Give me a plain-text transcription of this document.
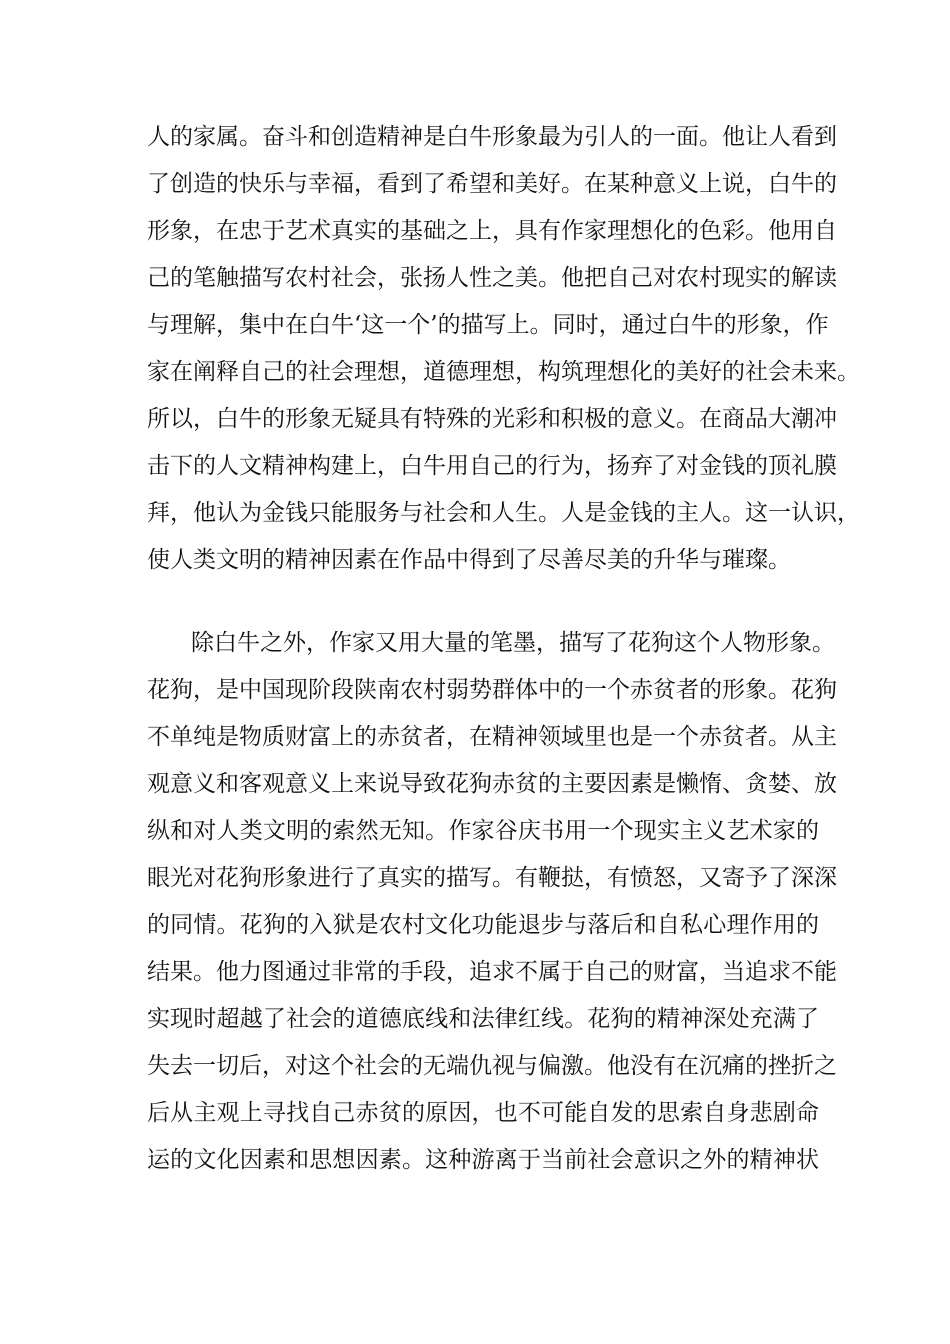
人的家属。奋斗和创造精神是白牛形象最为引人的一面。他让人看到
了创造的快乐与幸福，看到了希望和美好。在某种意义上说，白牛的
形象，在忠于艺术真实的基础之上，具有作家理想化的色彩。他用自
己的笔触描写农村社会，张扬人性之美。他把自己对农村现实的解读
与理解，集中在白牛‘这一个’的描写上。同时，通过白牛的形象，作
家在阐释自己的社会理想，道德理想，构筑理想化的美好的社会未来。
所以，白牛的形象无疑具有特殊的光彩和积极的意义。在商品大潮冲
击下的人文精神构建上，白牛用自己的行为，扬弃了对金钱的顶礼膜
拜，他认为金钱只能服务与社会和人生。人是金钱的主人。这一认识，
使人类文明的精神因素在作品中得到了尽善尽美的升华与璀璨。
除白牛之外，作家又用大量的笔墨，描写了花狗这个人物形象。
花狗，是中国现阶段陕南农村弱势群体中的一个赤贫者的形象。花狗
不单纯是物质财富上的赤贫者，在精神领域里也是一个赤贫者。从主
观意义和客观意义上来说导致花狗赤贫的主要因素是懒惰、贪婪、放
纵和对人类文明的索然无知。作家谷庆书用一个现实主义艺术家的
眼光对花狗形象进行了真实的描写。有鞭挞，有愤怒，又寄予了深深
的同情。花狗的入狱是农村文化功能退步与落后和自私心理作用的
结果。他力图通过非常的手段，追求不属于自己的财富，当追求不能
实现时超越了社会的道德底线和法律红线。花狗的精神深处充满了
失去一切后，对这个社会的无端仇视与偏激。他没有在沉痛的挫折之
后从主观上寻找自己赤贫的原因，也不可能自发的思索自身悲剧命
运的文化因素和思想因素。这种游离于当前社会意识之外的精神状
